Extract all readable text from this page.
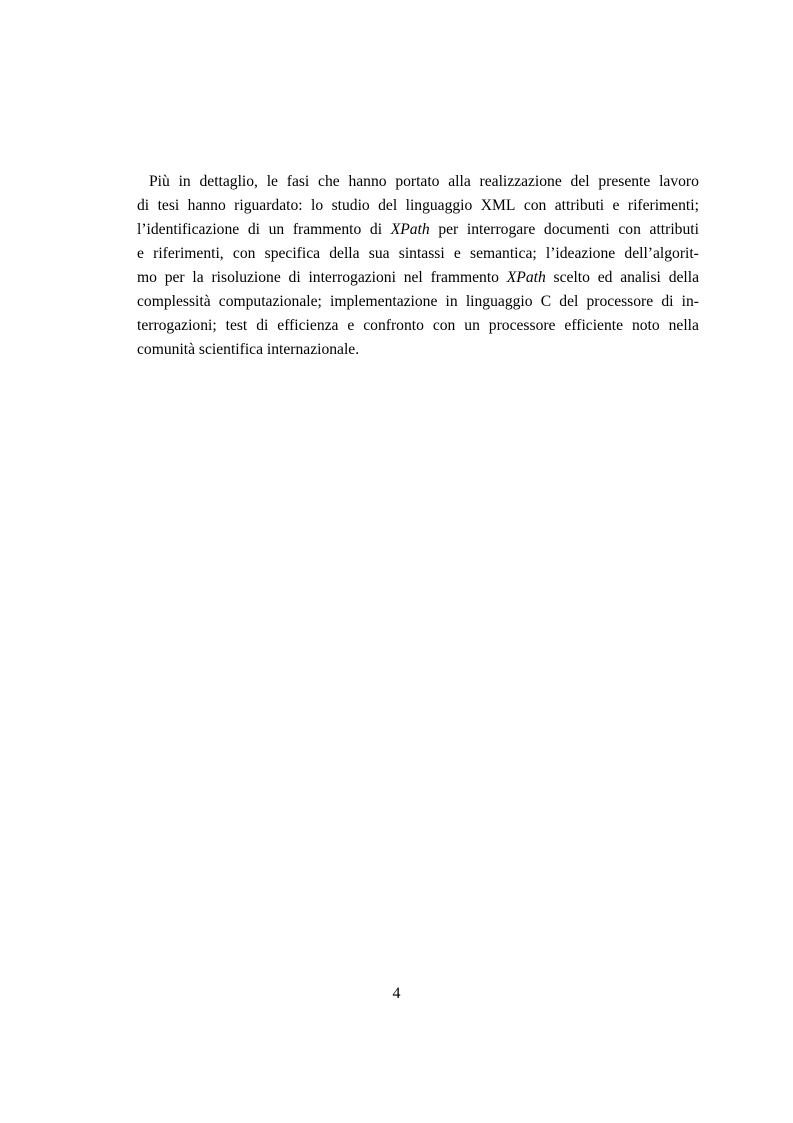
Più in dettaglio, le fasi che hanno portato alla realizzazione del presente lavoro
di tesi hanno riguardato: lo studio del linguaggio XML con attributi e riferimenti;
l’identificazione di un frammento di XPath per interrogare documenti con attributi
e riferimenti, con specifica della sua sintassi e semantica; l’ideazione dell’algorit-
mo per la risoluzione di interrogazioni nel frammento XPath scelto ed analisi della
complessità computazionale; implementazione in linguaggio C del processore di in-
terrogazioni; test di efficienza e confronto con un processore efficiente noto nella
comunità scientifica internazionale.
4
